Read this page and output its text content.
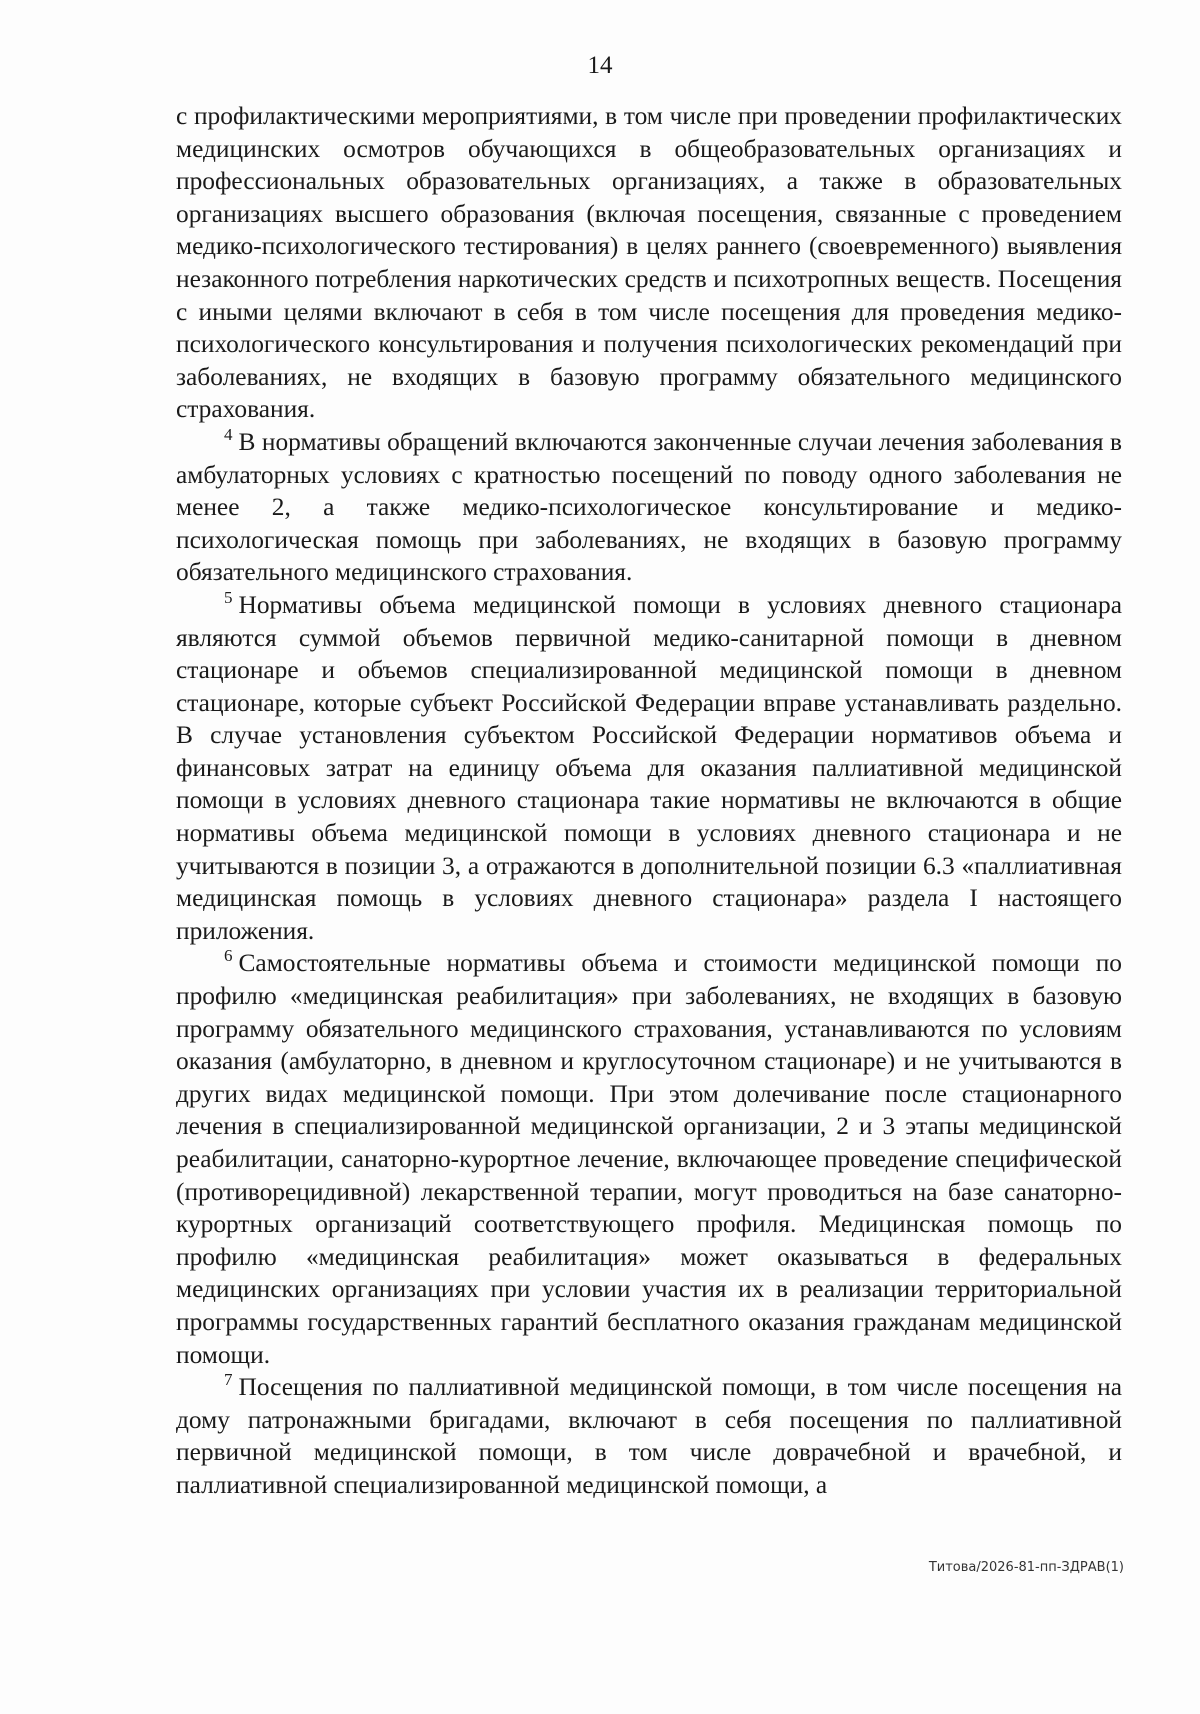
14

с профилактическими мероприятиями, в том числе при проведении профилактических медицинских осмотров обучающихся в общеобразовательных организациях и профессиональных образовательных организациях, а также в образовательных организациях высшего образования (включая посещения, связанные с проведением медико-психологического тестирования) в целях раннего (своевременного) выявления незаконного потребления наркотических средств и психотропных веществ. Посещения с иными целями включают в себя в том числе посещения для проведения медико-психологического консультирования и получения психологических рекомендаций при заболеваниях, не входящих в базовую программу обязательного медицинского страхования.

$^4$ В нормативы обращений включаются законченные случаи лечения заболевания в амбулаторных условиях с кратностью посещений по поводу одного заболевания не менее 2, а также медико-психологическое консультирование и медико-психологическая помощь при заболеваниях, не входящих в базовую программу обязательного медицинского страхования.

$^5$ Нормативы объема медицинской помощи в условиях дневного стационара являются суммой объемов первичной медико-санитарной помощи в дневном стационаре и объемов специализированной медицинской помощи в дневном стационаре, которые субъект Российской Федерации вправе устанавливать раздельно. В случае установления субъектом Российской Федерации нормативов объема и финансовых затрат на единицу объема для оказания паллиативной медицинской помощи в условиях дневного стационара такие нормативы не включаются в общие нормативы объема медицинской помощи в условиях дневного стационара и не учитываются в позиции 3, а отражаются в дополнительной позиции 6.3 «паллиативная медицинская помощь в условиях дневного стационара» раздела I настоящего приложения.

$^6$ Самостоятельные нормативы объема и стоимости медицинской помощи по профилю «медицинская реабилитация» при заболеваниях, не входящих в базовую программу обязательного медицинского страхования, устанавливаются по условиям оказания (амбулаторно, в дневном и круглосуточном стационаре) и не учитываются в других видах медицинской помощи. При этом долечивание после стационарного лечения в специализированной медицинской организации, 2 и 3 этапы медицинской реабилитации, санаторно-курортное лечение, включающее проведение специфической (противорецидивной) лекарственной терапии, могут проводиться на базе санаторно-курортных организаций соответствующего профиля. Медицинская помощь по профилю «медицинская реабилитация» может оказываться в федеральных медицинских организациях при условии участия их в реализации территориальной программы государственных гарантий бесплатного оказания гражданам медицинской помощи.

$^7$ Посещения по паллиативной медицинской помощи, в том числе посещения на дому патронажными бригадами, включают в себя посещения по паллиативной первичной медицинской помощи, в том числе доврачебной и врачебной, и паллиативной специализированной медицинской помощи, а

Титова/2026-81-пп-ЗДРАВ(1)
